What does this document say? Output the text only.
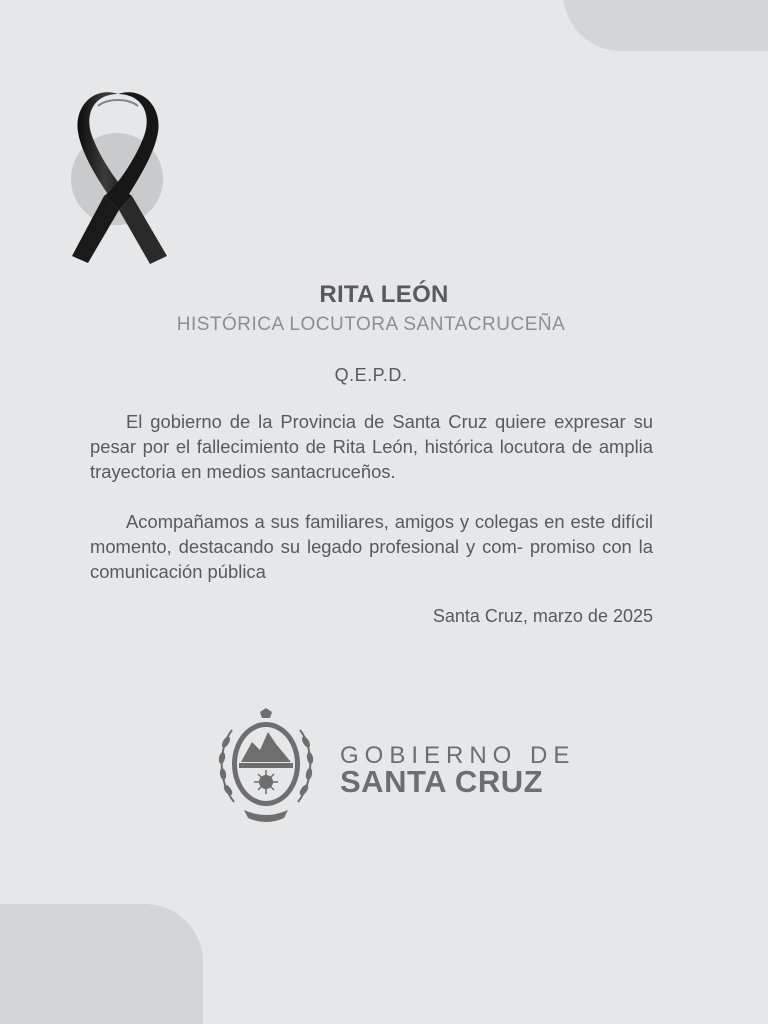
RITA LEÓN
HISTÓRICA LOCUTORA SANTACRUCEÑA
Q.E.P.D.

El gobierno de la Provincia de Santa Cruz quiere expresar su pesar por el fallecimiento de Rita León, histórica locutora de amplia trayectoria en medios santacruceños.

Acompañamos a sus familiares, amigos y colegas en este difícil momento, destacando su legado profesional y com- promiso con la comunicación pública

Santa Cruz, marzo de 2025
GOBIERNO DE
SANTA CRUZ
